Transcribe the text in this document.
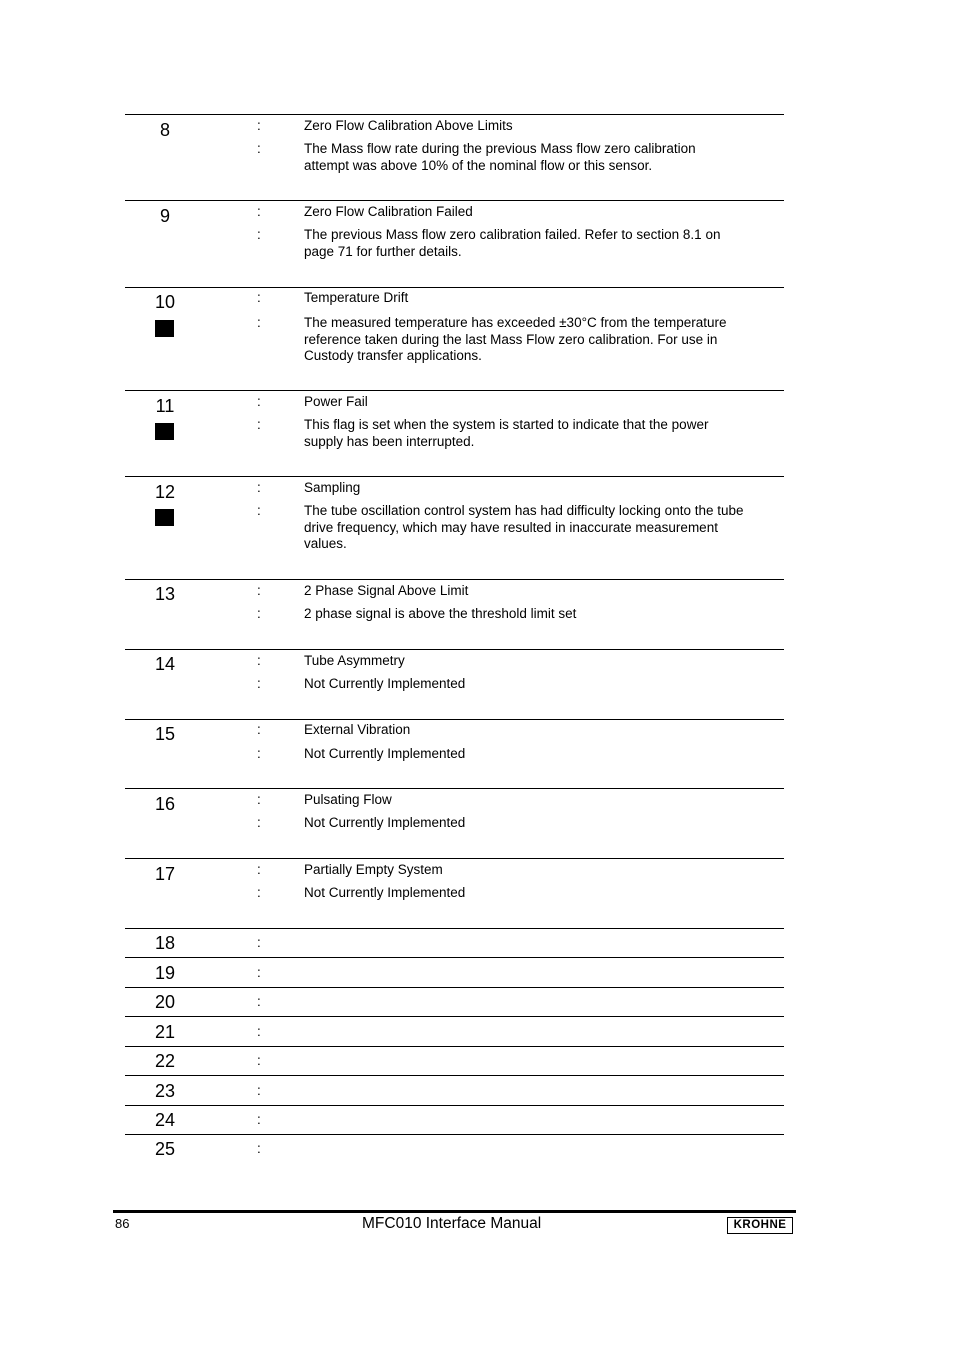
8	:	Zero Flow Calibration Above Limits
:	The Mass flow rate during the previous Mass flow zero calibration attempt was above 10% of the nominal flow or this sensor.
9	:	Zero Flow Calibration Failed
:	The previous Mass flow zero calibration failed. Refer to section 8.1 on page 71 for further details.
10	:	Temperature Drift
:	The measured temperature has exceeded ±30°C from the temperature reference taken during the last Mass Flow zero calibration. For use in Custody transfer applications.
11	:	Power Fail
:	This flag is set when the system is started to indicate that the power supply has been interrupted.
12	:	Sampling
:	The tube oscillation control system has had difficulty locking onto the tube drive frequency, which may have resulted in inaccurate measurement values.
13	:	2 Phase Signal Above Limit
:	2 phase signal is above the threshold limit set
14	:	Tube Asymmetry
:	Not Currently Implemented
15	:	External Vibration
:	Not Currently Implemented
16	:	Pulsating Flow
:	Not Currently Implemented
17	:	Partially Empty System
:	Not Currently Implemented
18	:
19	:
20	:
21	:
22	:
23	:
24	:
25	:
86	MFC010 Interface Manual	KROHNE
